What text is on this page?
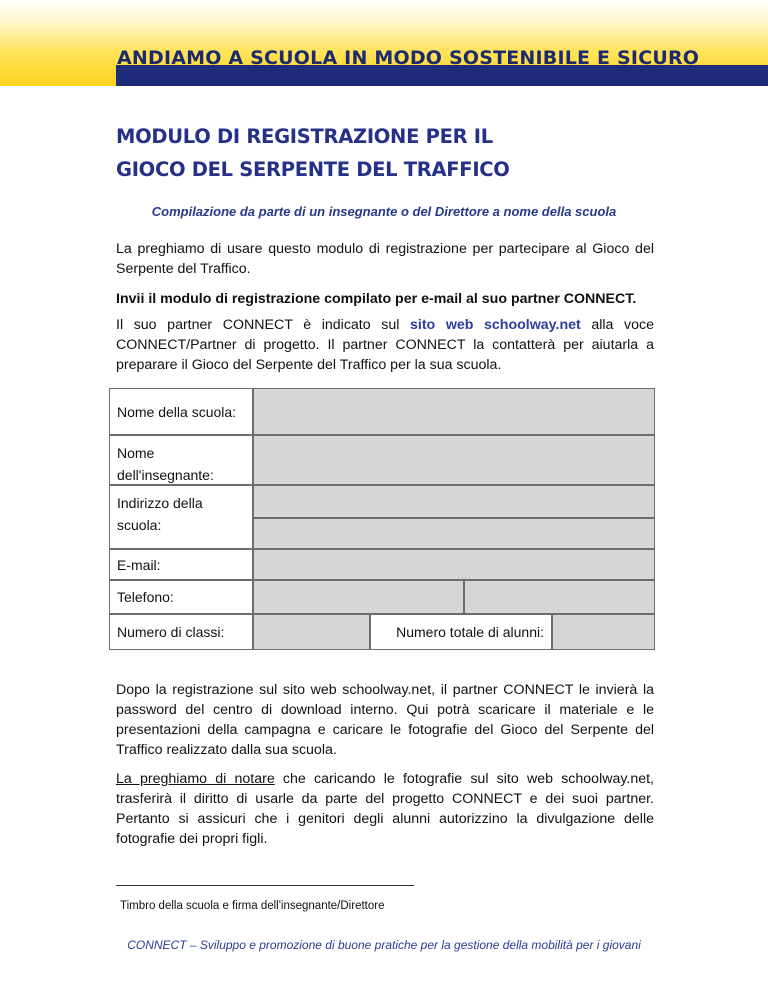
ANDIAMO A SCUOLA IN MODO SOSTENIBILE E SICURO
MODULO DI REGISTRAZIONE PER IL
GIOCO DEL SERPENTE DEL TRAFFICO
Compilazione da parte di un insegnante o del Direttore a nome della scuola

La preghiamo di usare questo modulo di registrazione per partecipare al Gioco del Serpente del Traffico.

Invii il modulo di registrazione compilato per e-mail al suo partner CONNECT.

Il suo partner CONNECT è indicato sul sito web schoolway.net alla voce CONNECT/Partner di progetto. Il partner CONNECT la contatterà per aiutarla a preparare il Gioco del Serpente del Traffico per la sua scuola.

Nome della scuola:
Nome dell'insegnante:
Indirizzo della scuola:
E-mail:
Telefono:
Numero di classi:	Numero totale di alunni:

Dopo la registrazione sul sito web schoolway.net, il partner CONNECT le invierà la password del centro di download interno. Qui potrà scaricare il materiale e le presentazioni della campagna e caricare le fotografie del Gioco del Serpente del Traffico realizzato dalla sua scuola.

La preghiamo di notare che caricando le fotografie sul sito web schoolway.net, trasferirà il diritto di usarle da parte del progetto CONNECT e dei suoi partner. Pertanto si assicuri che i genitori degli alunni autorizzino la divulgazione delle fotografie dei propri figli.

Timbro della scuola e firma dell'insegnante/Direttore
CONNECT – Sviluppo e promozione di buone pratiche per la gestione della mobilità per i giovani
